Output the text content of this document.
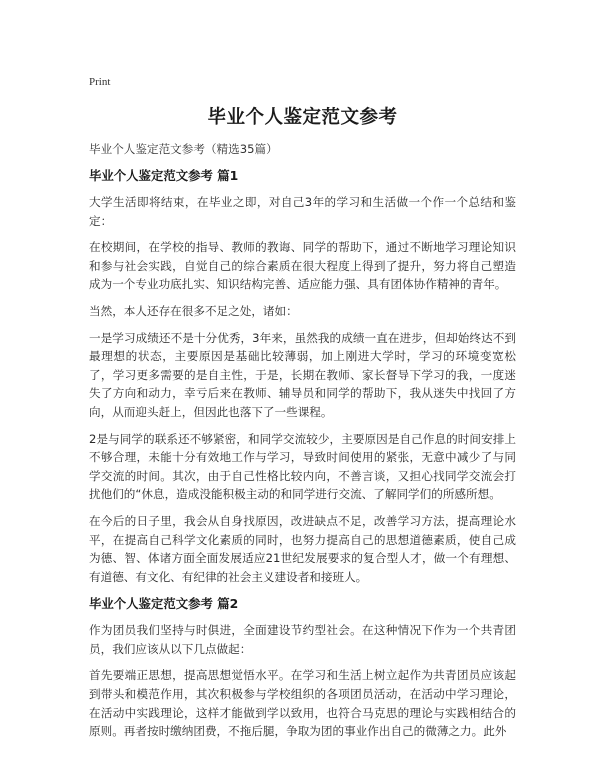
Print
毕业个人鉴定范文参考

毕业个人鉴定范文参考（精选35篇）

毕业个人鉴定范文参考 篇1

大学生活即将结束，在毕业之即，对自己3年的学习和生活做一个作一个总结和鉴定：

在校期间，在学校的指导、教师的教诲、同学的帮助下，通过不断地学习理论知识和参与社会实践，自觉自己的综合素质在很大程度上得到了提升，努力将自己塑造成为一个专业功底扎实、知识结构完善、适应能力强、具有团体协作精神的青年。

当然，本人还存在很多不足之处，诸如：

一是学习成绩还不是十分优秀，3年来，虽然我的成绩一直在进步，但却始终达不到最理想的状态，主要原因是基础比较薄弱，加上刚进大学时，学习的环境变宽松了，学习更多需要的是自主性，于是，长期在教师、家长督导下学习的我，一度迷失了方向和动力，幸亏后来在教师、辅导员和同学的帮助下，我从迷失中找回了方向，从而迎头赶上，但因此也落下了一些课程。

2是与同学的联系还不够紧密，和同学交流较少，主要原因是自己作息的时间安排上不够合理，未能十分有效地工作与学习，导致时间使用的紧张，无意中减少了与同学交流的时间。其次，由于自己性格比较内向，不善言谈，又担心找同学交流会打扰他们的“休息，造成没能积极主动的和同学进行交流、了解同学们的所感所想。

在今后的日子里，我会从自身找原因，改进缺点不足，改善学习方法，提高理论水平，在提高自己科学文化素质的同时，也努力提高自己的思想道德素质，使自己成为德、智、体诸方面全面发展适应21世纪发展要求的复合型人才，做一个有理想、有道德、有文化、有纪律的社会主义建设者和接班人。

毕业个人鉴定范文参考 篇2

作为团员我们坚持与时俱进，全面建设节约型社会。在这种情况下作为一个共青团员，我们应该从以下几点做起：

首先要端正思想，提高思想觉悟水平。在学习和生活上树立起作为共青团员应该起到带头和模范作用，其次积极参与学校组织的各项团员活动，在活动中学习理论，在活动中实践理论，这样才能做到学以致用，也符合马克思的理论与实践相结合的原则。再者按时缴纳团费，不拖后腿，争取为团的事业作出自己的微薄之力。此外
